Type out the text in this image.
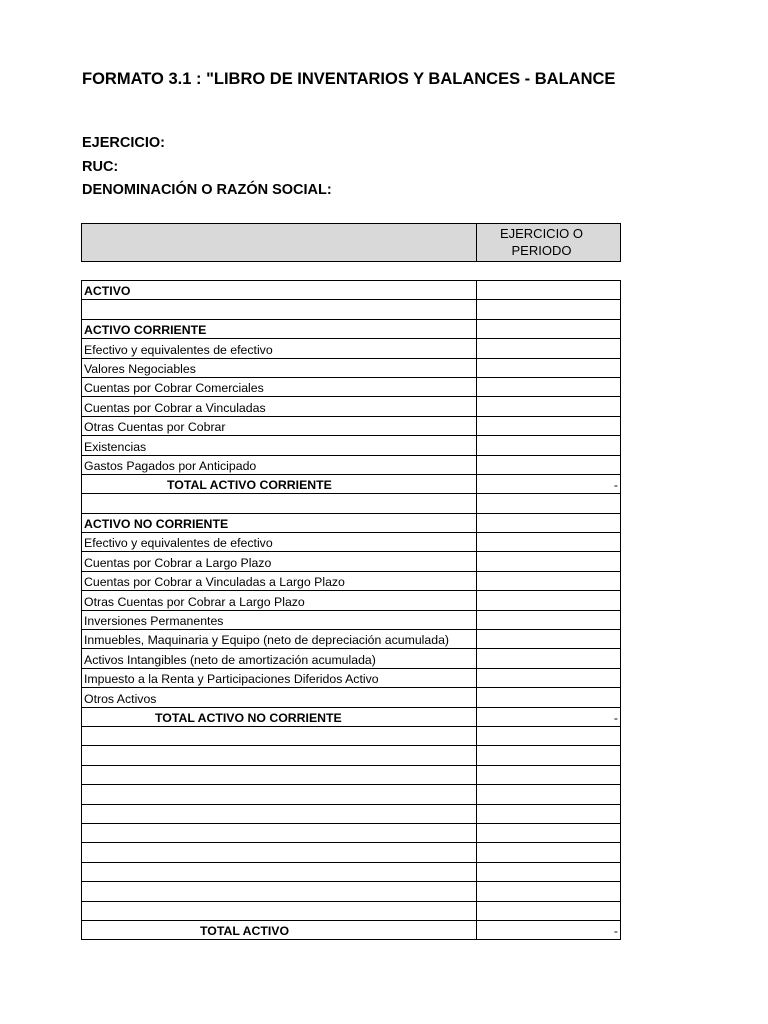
FORMATO 3.1 : "LIBRO DE INVENTARIOS Y BALANCES - BALANCE
EJERCICIO:
RUC:
DENOMINACIÓN O RAZÓN SOCIAL:
EJERCICIO O PERIODO
ACTIVO	

ACTIVO CORRIENTE	
Efectivo y equivalentes de efectivo	
Valores Negociables	
Cuentas por Cobrar Comerciales	
Cuentas por Cobrar a Vinculadas	
Otras Cuentas por Cobrar	
Existencias	
Gastos Pagados por Anticipado	
TOTAL ACTIVO CORRIENTE	-

ACTIVO NO CORRIENTE	
Efectivo y equivalentes de efectivo	
Cuentas por Cobrar a Largo Plazo	
Cuentas por Cobrar a Vinculadas a Largo Plazo	
Otras Cuentas por Cobrar a Largo Plazo	
Inversiones Permanentes	
Inmuebles, Maquinaria y Equipo (neto de depreciación acumulada)	
Activos Intangibles (neto de amortización acumulada)	
Impuesto a la Renta y Participaciones Diferidos Activo	
Otros Activos	
TOTAL ACTIVO NO CORRIENTE	-

TOTAL ACTIVO	-
